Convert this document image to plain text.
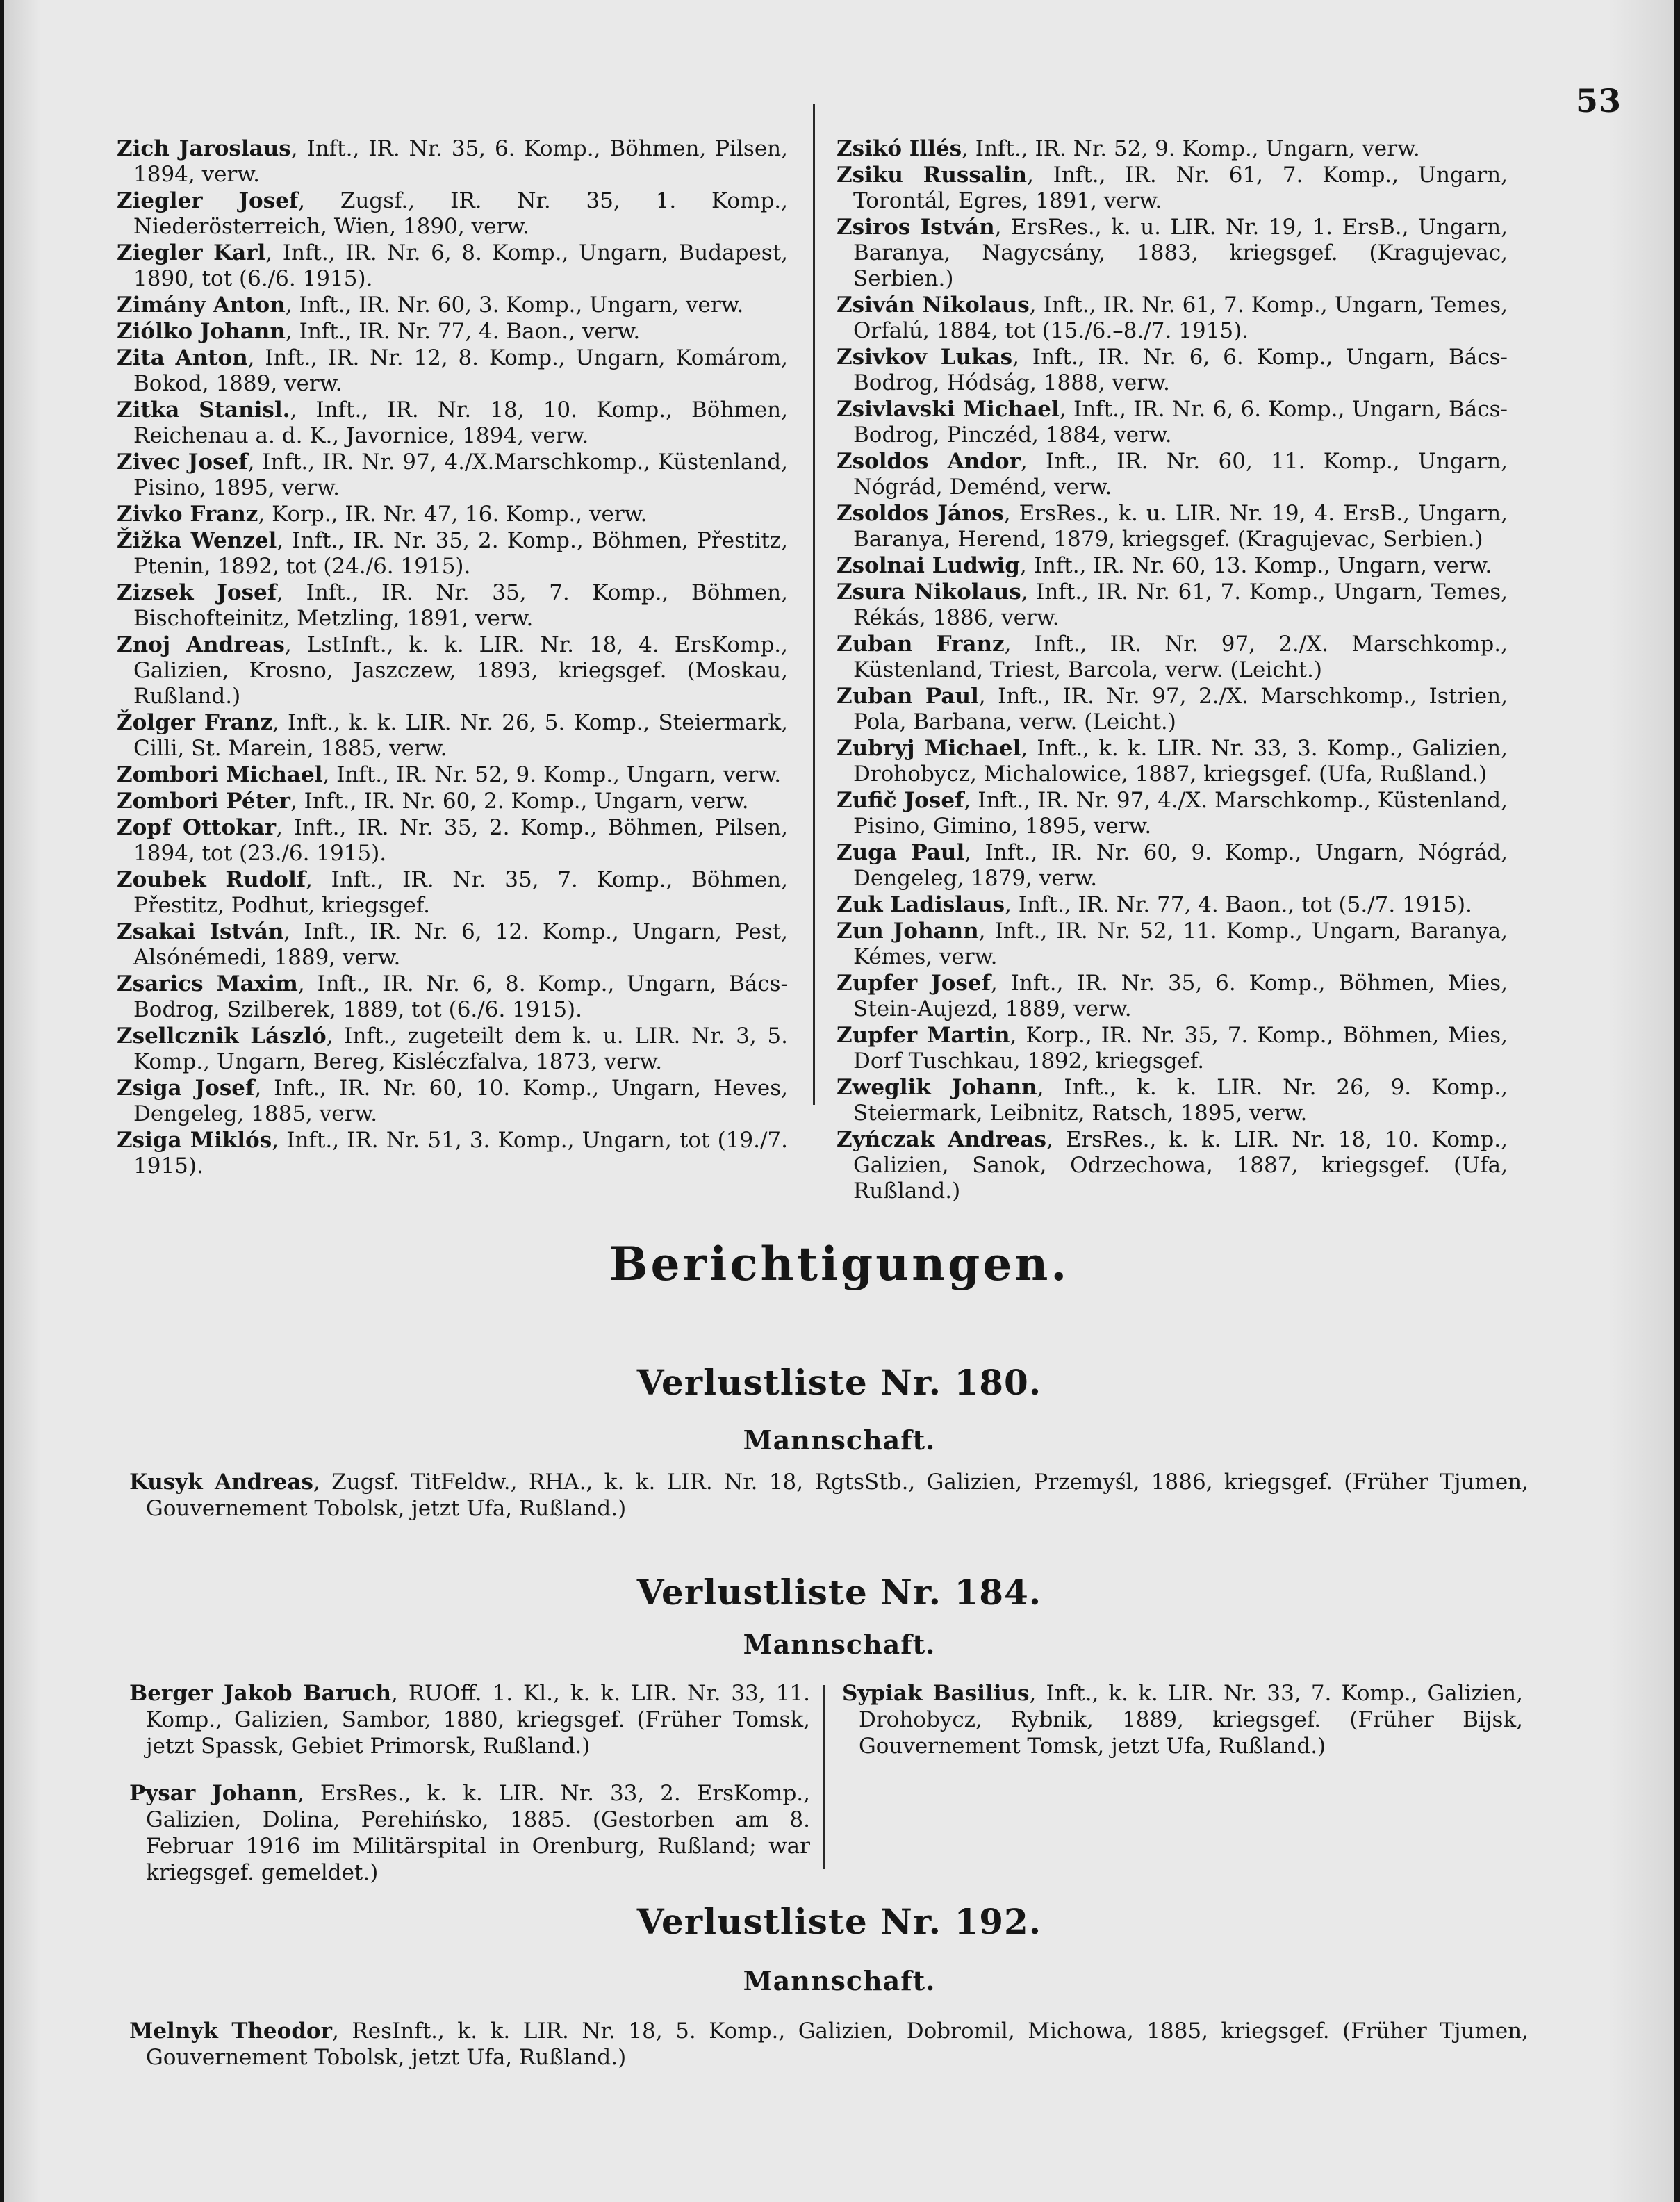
53
Zich Jaroslaus, Inft., IR. Nr. 35, 6. Komp., Böhmen, Pilsen, 1894, verw.
Ziegler Josef, Zugsf., IR. Nr. 35, 1. Komp., Niederösterreich, Wien, 1890, verw.
Ziegler Karl, Inft., IR. Nr. 6, 8. Komp., Ungarn, Budapest, 1890, tot (6./6. 1915).
Zimány Anton, Inft., IR. Nr. 60, 3. Komp., Ungarn, verw.
Ziólko Johann, Inft., IR. Nr. 77, 4. Baon., verw.
Zita Anton, Inft., IR. Nr. 12, 8. Komp., Ungarn, Komárom, Bokod, 1889, verw.
Zitka Stanisl., Inft., IR. Nr. 18, 10. Komp., Böhmen, Reichenau a. d. K., Javornice, 1894, verw.
Zivec Josef, Inft., IR. Nr. 97, 4./X.Marschkomp., Küstenland, Pisino, 1895, verw.
Zivko Franz, Korp., IR. Nr. 47, 16. Komp., verw.
Žižka Wenzel, Inft., IR. Nr. 35, 2. Komp., Böhmen, Přestitz, Ptenin, 1892, tot (24./6. 1915).
Zizsek Josef, Inft., IR. Nr. 35, 7. Komp., Böhmen, Bischofteinitz, Metzling, 1891, verw.
Znoj Andreas, LstInft., k. k. LIR. Nr. 18, 4. ErsKomp., Galizien, Krosno, Jaszczew, 1893, kriegsgef. (Moskau, Rußland.)
Žolger Franz, Inft., k. k. LIR. Nr. 26, 5. Komp., Steiermark, Cilli, St. Marein, 1885, verw.
Zombori Michael, Inft., IR. Nr. 52, 9. Komp., Ungarn, verw.
Zombori Péter, Inft., IR. Nr. 60, 2. Komp., Ungarn, verw.
Zopf Ottokar, Inft., IR. Nr. 35, 2. Komp., Böhmen, Pilsen, 1894, tot (23./6. 1915).
Zoubek Rudolf, Inft., IR. Nr. 35, 7. Komp., Böhmen, Přestitz, Podhut, kriegsgef.
Zsakai István, Inft., IR. Nr. 6, 12. Komp., Ungarn, Pest, Alsónémedi, 1889, verw.
Zsarics Maxim, Inft., IR. Nr. 6, 8. Komp., Ungarn, Bács-Bodrog, Szilberek, 1889, tot (6./6. 1915).
Zsellcznik László, Inft., zugeteilt dem k. u. LIR. Nr. 3, 5. Komp., Ungarn, Bereg, Kisléczfalva, 1873, verw.
Zsiga Josef, Inft., IR. Nr. 60, 10. Komp., Ungarn, Heves, Dengeleg, 1885, verw.
Zsiga Miklós, Inft., IR. Nr. 51, 3. Komp., Ungarn, tot (19./7. 1915).
Zsikó Illés, Inft., IR. Nr. 52, 9. Komp., Ungarn, verw.
Zsiku Russalin, Inft., IR. Nr. 61, 7. Komp., Ungarn, Torontál, Egres, 1891, verw.
Zsiros István, ErsRes., k. u. LIR. Nr. 19, 1. ErsB., Ungarn, Baranya, Nagycsány, 1883, kriegsgef. (Kragujevac, Serbien.)
Zsiván Nikolaus, Inft., IR. Nr. 61, 7. Komp., Ungarn, Temes, Orfalú, 1884, tot (15./6.–8./7. 1915).
Zsivkov Lukas, Inft., IR. Nr. 6, 6. Komp., Ungarn, Bács-Bodrog, Hódság, 1888, verw.
Zsivlavski Michael, Inft., IR. Nr. 6, 6. Komp., Ungarn, Bács-Bodrog, Pinczéd, 1884, verw.
Zsoldos Andor, Inft., IR. Nr. 60, 11. Komp., Ungarn, Nógrád, Deménd, verw.
Zsoldos János, ErsRes., k. u. LIR. Nr. 19, 4. ErsB., Ungarn, Baranya, Herend, 1879, kriegsgef. (Kragujevac, Serbien.)
Zsolnai Ludwig, Inft., IR. Nr. 60, 13. Komp., Ungarn, verw.
Zsura Nikolaus, Inft., IR. Nr. 61, 7. Komp., Ungarn, Temes, Rékás, 1886, verw.
Zuban Franz, Inft., IR. Nr. 97, 2./X. Marschkomp., Küstenland, Triest, Barcola, verw. (Leicht.)
Zuban Paul, Inft., IR. Nr. 97, 2./X. Marschkomp., Istrien, Pola, Barbana, verw. (Leicht.)
Zubryj Michael, Inft., k. k. LIR. Nr. 33, 3. Komp., Galizien, Drohobycz, Michalowice, 1887, kriegsgef. (Ufa, Rußland.)
Zufič Josef, Inft., IR. Nr. 97, 4./X. Marschkomp., Küstenland, Pisino, Gimino, 1895, verw.
Zuga Paul, Inft., IR. Nr. 60, 9. Komp., Ungarn, Nógrád, Dengeleg, 1879, verw.
Zuk Ladislaus, Inft., IR. Nr. 77, 4. Baon., tot (5./7. 1915).
Zun Johann, Inft., IR. Nr. 52, 11. Komp., Ungarn, Baranya, Kémes, verw.
Zupfer Josef, Inft., IR. Nr. 35, 6. Komp., Böhmen, Mies, Stein-Aujezd, 1889, verw.
Zupfer Martin, Korp., IR. Nr. 35, 7. Komp., Böhmen, Mies, Dorf Tuschkau, 1892, kriegsgef.
Zweglik Johann, Inft., k. k. LIR. Nr. 26, 9. Komp., Steiermark, Leibnitz, Ratsch, 1895, verw.
Zyńczak Andreas, ErsRes., k. k. LIR. Nr. 18, 10. Komp., Galizien, Sanok, Odrzechowa, 1887, kriegsgef. (Ufa, Rußland.)
Berichtigungen.
Verlustliste Nr. 180.
Mannschaft.
Kusyk Andreas, Zugsf. TitFeldw., RHA., k. k. LIR. Nr. 18, RgtsStb., Galizien, Przemyśl, 1886, kriegsgef. (Früher Tjumen, Gouvernement Tobolsk, jetzt Ufa, Rußland.)
Verlustliste Nr. 184.
Mannschaft.
Berger Jakob Baruch, RUOff. 1. Kl., k. k. LIR. Nr. 33, 11. Komp., Galizien, Sambor, 1880, kriegsgef. (Früher Tomsk, jetzt Spassk, Gebiet Primorsk, Rußland.)
Pysar Johann, ErsRes., k. k. LIR. Nr. 33, 2. ErsKomp., Galizien, Dolina, Perehińsko, 1885. (Gestorben am 8. Februar 1916 im Militärspital in Orenburg, Rußland; war kriegsgef. gemeldet.)
Sypiak Basilius, Inft., k. k. LIR. Nr. 33, 7. Komp., Galizien, Drohobycz, Rybnik, 1889, kriegsgef. (Früher Bijsk, Gouvernement Tomsk, jetzt Ufa, Rußland.)
Verlustliste Nr. 192.
Mannschaft.
Melnyk Theodor, ResInft., k. k. LIR. Nr. 18, 5. Komp., Galizien, Dobromil, Michowa, 1885, kriegsgef. (Früher Tjumen, Gouvernement Tobolsk, jetzt Ufa, Rußland.)
